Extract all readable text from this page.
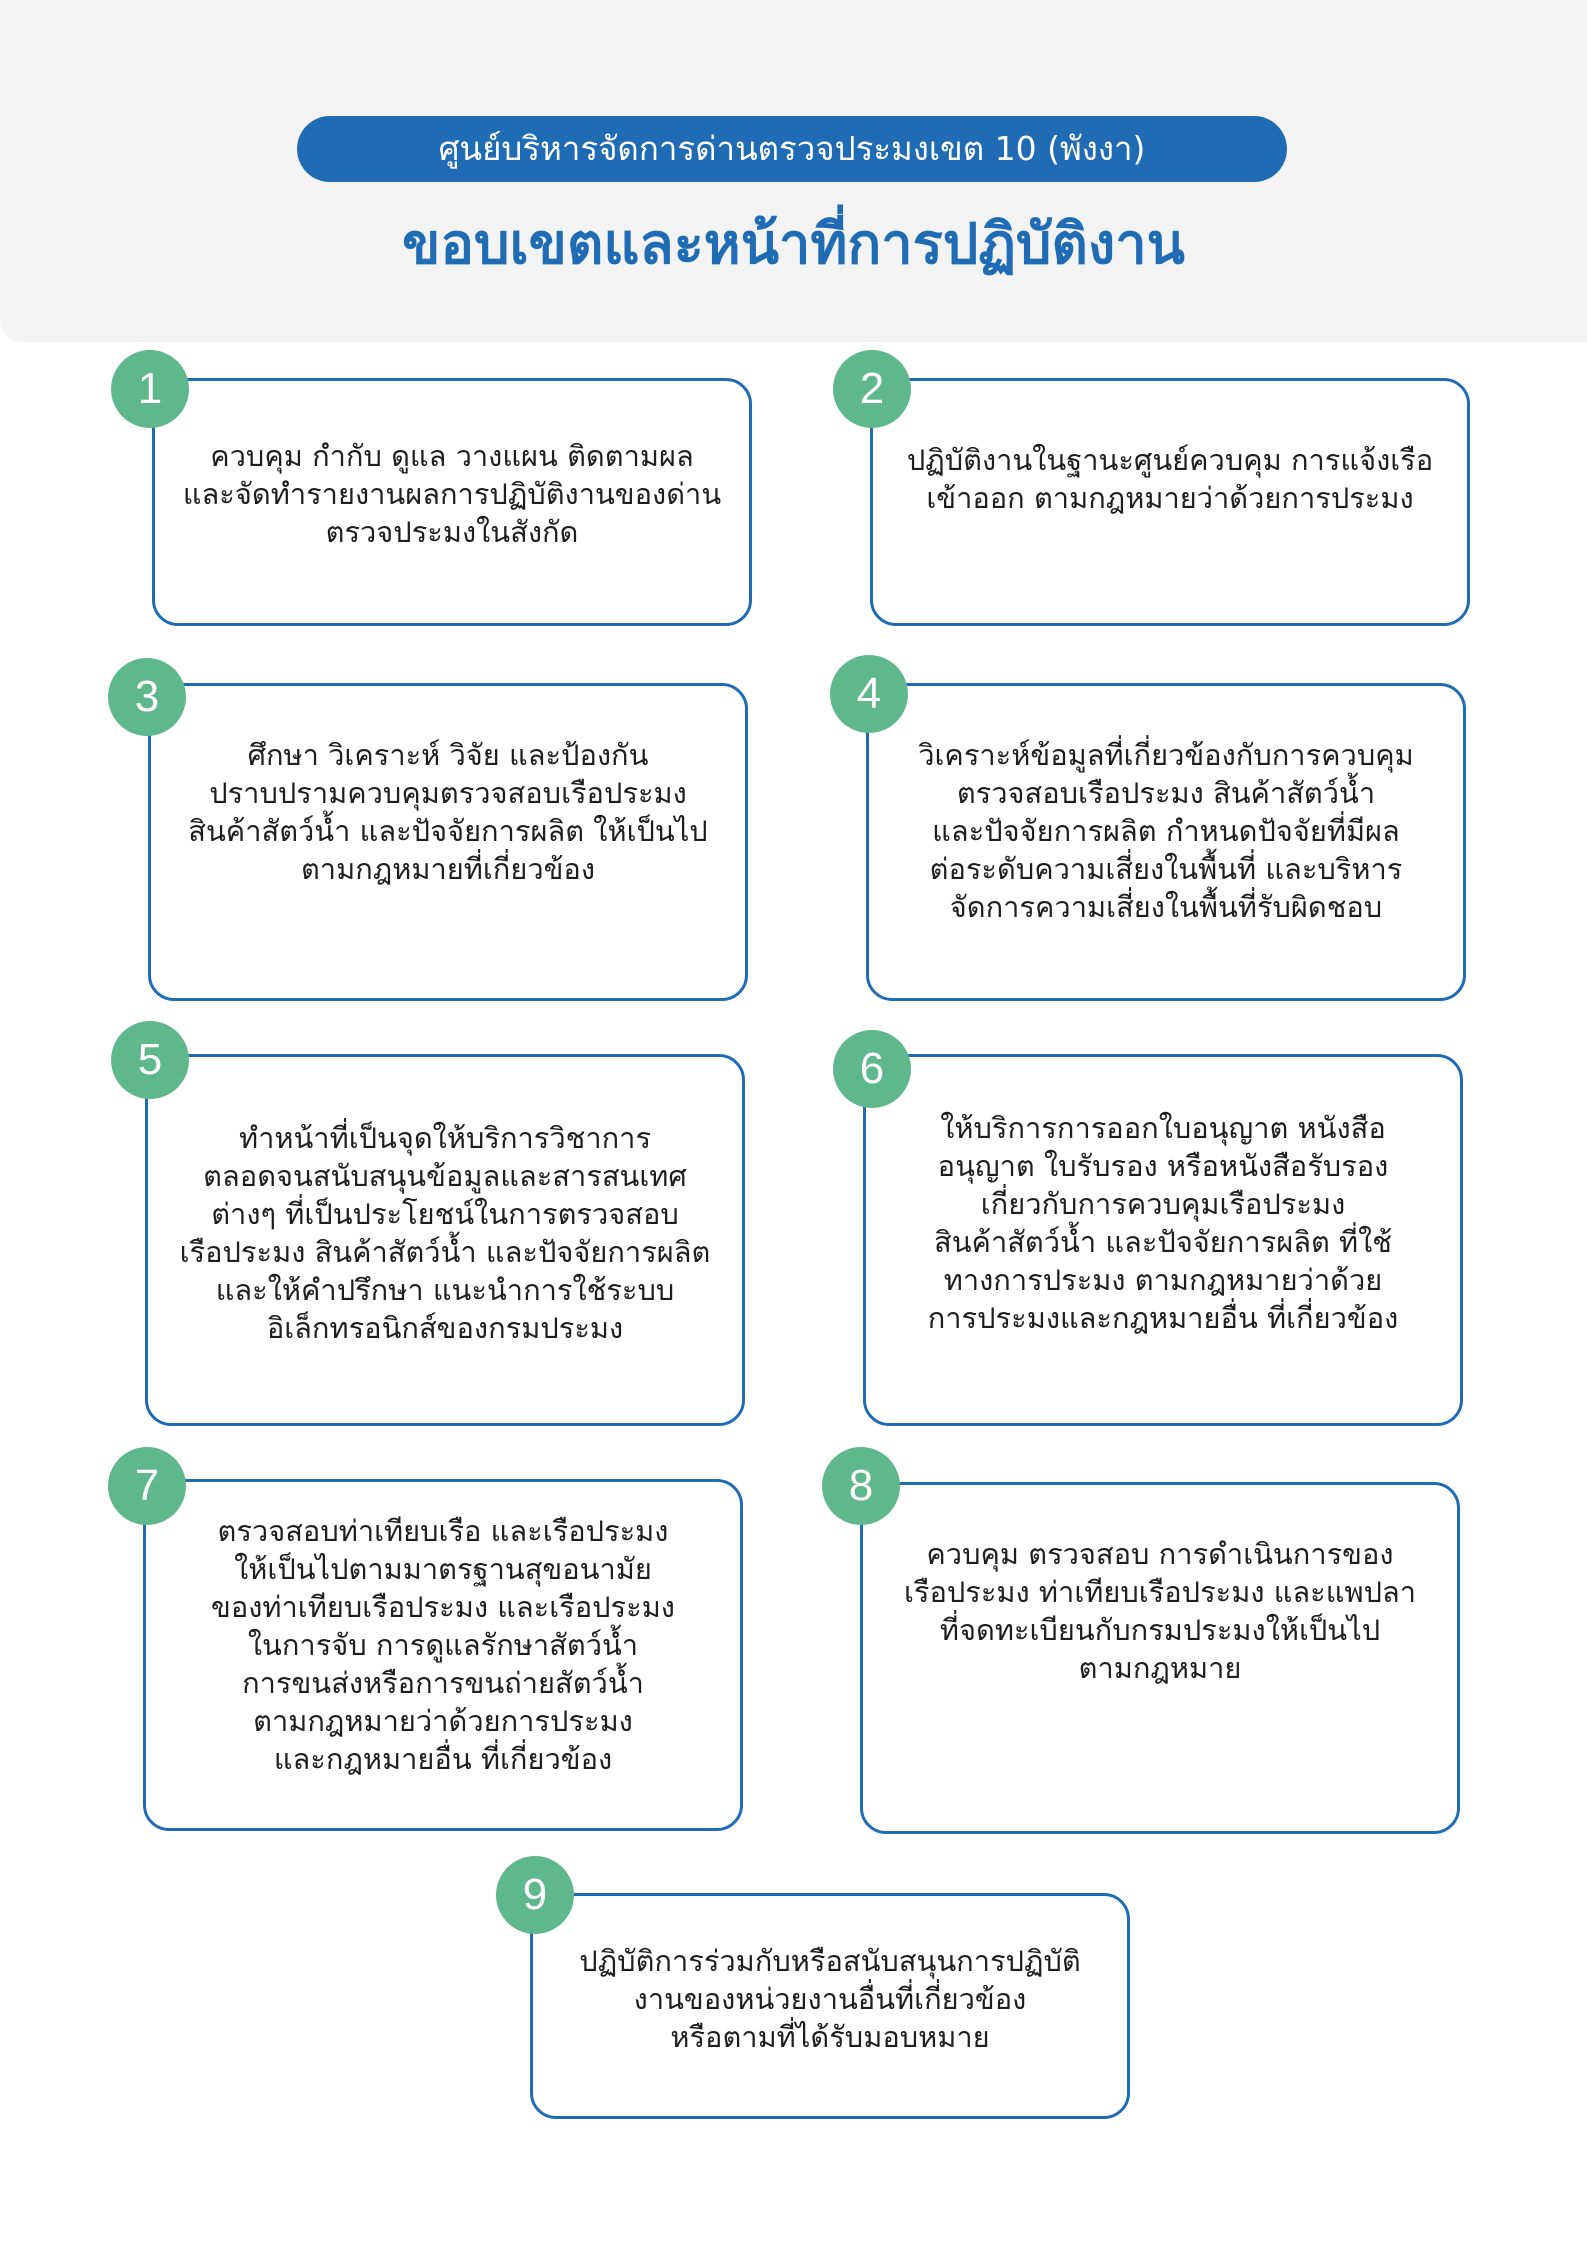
ศูนย์บริหารจัดการด่านตรวจประมงเขต 10 (พังงา)
ขอบเขตและหน้าที่การปฏิบัติงาน
ควบคุม กำกับ ดูแล วางแผน ติดตามผล
และจัดทำรายงานผลการปฏิบัติงานของด่าน
ตรวจประมงในสังกัด
1
ปฏิบัติงานในฐานะศูนย์ควบคุม การแจ้งเรือ
เข้าออก ตามกฎหมายว่าด้วยการประมง
2
ศึกษา วิเคราะห์ วิจัย และป้องกัน
ปราบปรามควบคุมตรวจสอบเรือประมง
สินค้าสัตว์น้ำ และปัจจัยการผลิต ให้เป็นไป
ตามกฎหมายที่เกี่ยวข้อง
3
วิเคราะห์ข้อมูลที่เกี่ยวข้องกับการควบคุม
ตรวจสอบเรือประมง สินค้าสัตว์น้ำ
และปัจจัยการผลิต กำหนดปัจจัยที่มีผล
ต่อระดับความเสี่ยงในพื้นที่ และบริหาร
จัดการความเสี่ยงในพื้นที่รับผิดชอบ
4
ทำหน้าที่เป็นจุดให้บริการวิชาการ
ตลอดจนสนับสนุนข้อมูลและสารสนเทศ
ต่างๆ ที่เป็นประโยชน์ในการตรวจสอบ
เรือประมง สินค้าสัตว์น้ำ และปัจจัยการผลิต
และให้คำปรึกษา แนะนำการใช้ระบบ
อิเล็กทรอนิกส์ของกรมประมง
5
ให้บริการการออกใบอนุญาต หนังสือ
อนุญาต ใบรับรอง หรือหนังสือรับรอง
เกี่ยวกับการควบคุมเรือประมง
สินค้าสัตว์น้ำ และปัจจัยการผลิต ที่ใช้
ทางการประมง ตามกฎหมายว่าด้วย
การประมงและกฎหมายอื่น ที่เกี่ยวข้อง
6
ตรวจสอบท่าเทียบเรือ และเรือประมง
ให้เป็นไปตามมาตรฐานสุขอนามัย
ของท่าเทียบเรือประมง และเรือประมง
ในการจับ การดูแลรักษาสัตว์น้ำ
การขนส่งหรือการขนถ่ายสัตว์น้ำ
ตามกฎหมายว่าด้วยการประมง
และกฎหมายอื่น ที่เกี่ยวข้อง
7
ควบคุม ตรวจสอบ การดำเนินการของ
เรือประมง ท่าเทียบเรือประมง และแพปลา
ที่จดทะเบียนกับกรมประมงให้เป็นไป
ตามกฎหมาย
8
ปฏิบัติการร่วมกับหรือสนับสนุนการปฏิบัติ
งานของหน่วยงานอื่นที่เกี่ยวข้อง
หรือตามที่ได้รับมอบหมาย
9
